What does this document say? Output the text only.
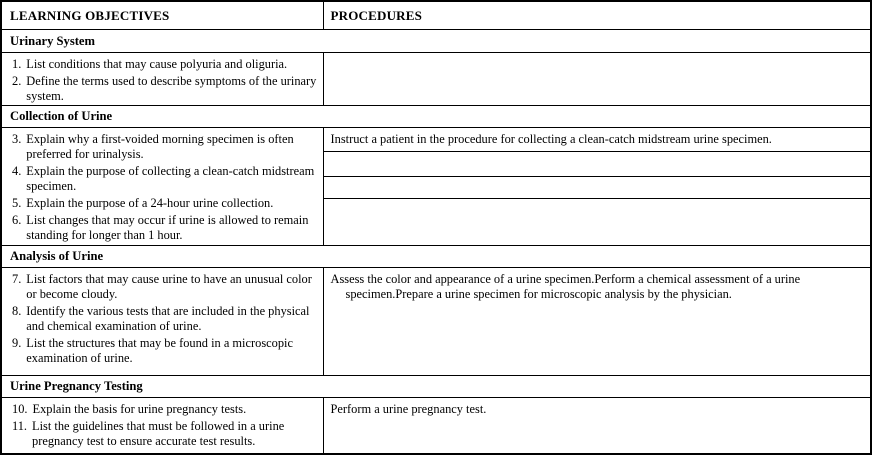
LEARNING OBJECTIVES	PROCEDURES
Urinary System
1. List conditions that may cause polyuria and oliguria.
2. Define the terms used to describe symptoms of the urinary system.
Collection of Urine
3. Explain why a first-voided morning specimen is often preferred for urinalysis.
4. Explain the purpose of collecting a clean-catch midstream specimen.
5. Explain the purpose of a 24-hour urine collection.
6. List changes that may occur if urine is allowed to remain standing for longer than 1 hour.
Instruct a patient in the procedure for collecting a clean-catch midstream urine specimen.
Analysis of Urine
7. List factors that may cause urine to have an unusual color or become cloudy.
8. Identify the various tests that are included in the physical and chemical examination of urine.
9. List the structures that may be found in a microscopic examination of urine.
Assess the color and appearance of a urine specimen.Perform a chemical assessment of a urine specimen.Prepare a urine specimen for microscopic analysis by the physician.
Urine Pregnancy Testing
10. Explain the basis for urine pregnancy tests.
11. List the guidelines that must be followed in a urine pregnancy test to ensure accurate test results.
Perform a urine pregnancy test.
